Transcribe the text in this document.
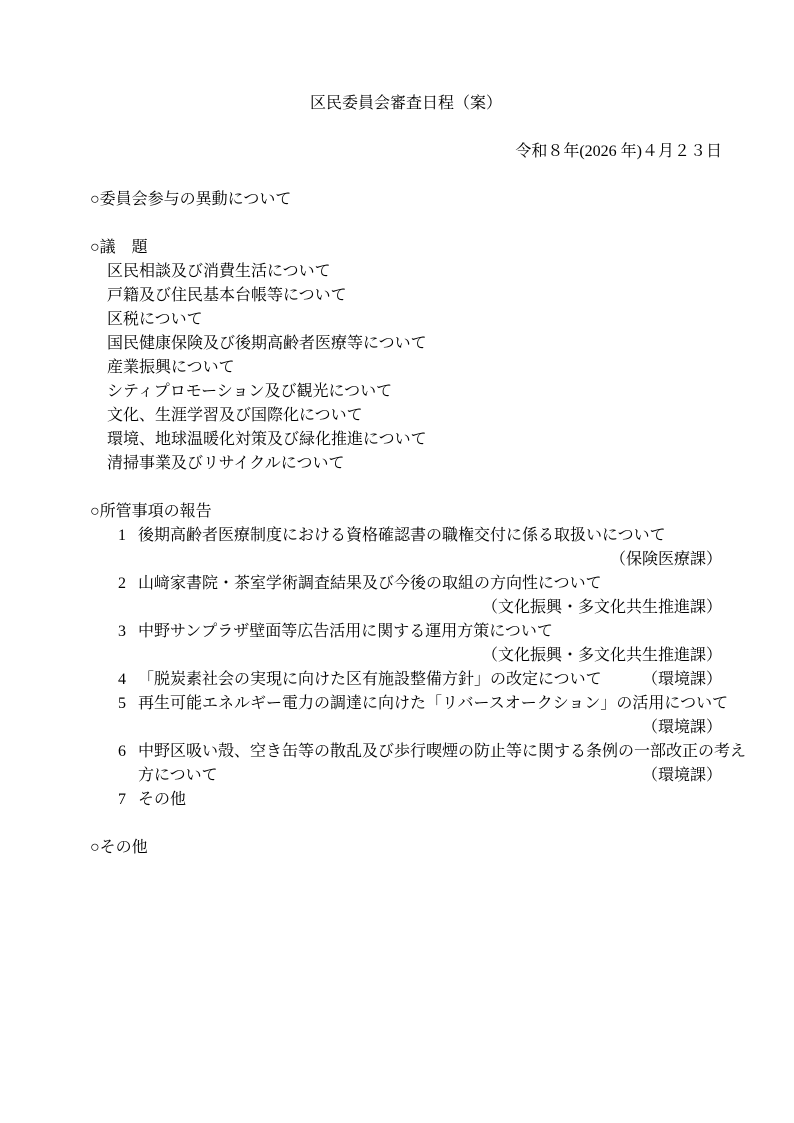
区民委員会審査日程（案）
令和８年(2026 年)４月２３日
○委員会参与の異動について
○議　題
区民相談及び消費生活について
戸籍及び住民基本台帳等について
区税について
国民健康保険及び後期高齢者医療等について
産業振興について
シティプロモーション及び観光について
文化、生涯学習及び国際化について
環境、地球温暖化対策及び緑化推進について
清掃事業及びリサイクルについて
○所管事項の報告
1 後期高齢者医療制度における資格確認書の職権交付に係る取扱いについて
（保険医療課）
2 山﨑家書院・茶室学術調査結果及び今後の取組の方向性について
（文化振興・多文化共生推進課）
3 中野サンプラザ壁面等広告活用に関する運用方策について
（文化振興・多文化共生推進課）
4 「脱炭素社会の実現に向けた区有施設整備方針」の改定について	（環境課）
5 再生可能エネルギー電力の調達に向けた「リバースオークション」の活用について
（環境課）
6 中野区吸い殻、空き缶等の散乱及び歩行喫煙の防止等に関する条例の一部改正の考え
方について	（環境課）
7 その他
○その他
